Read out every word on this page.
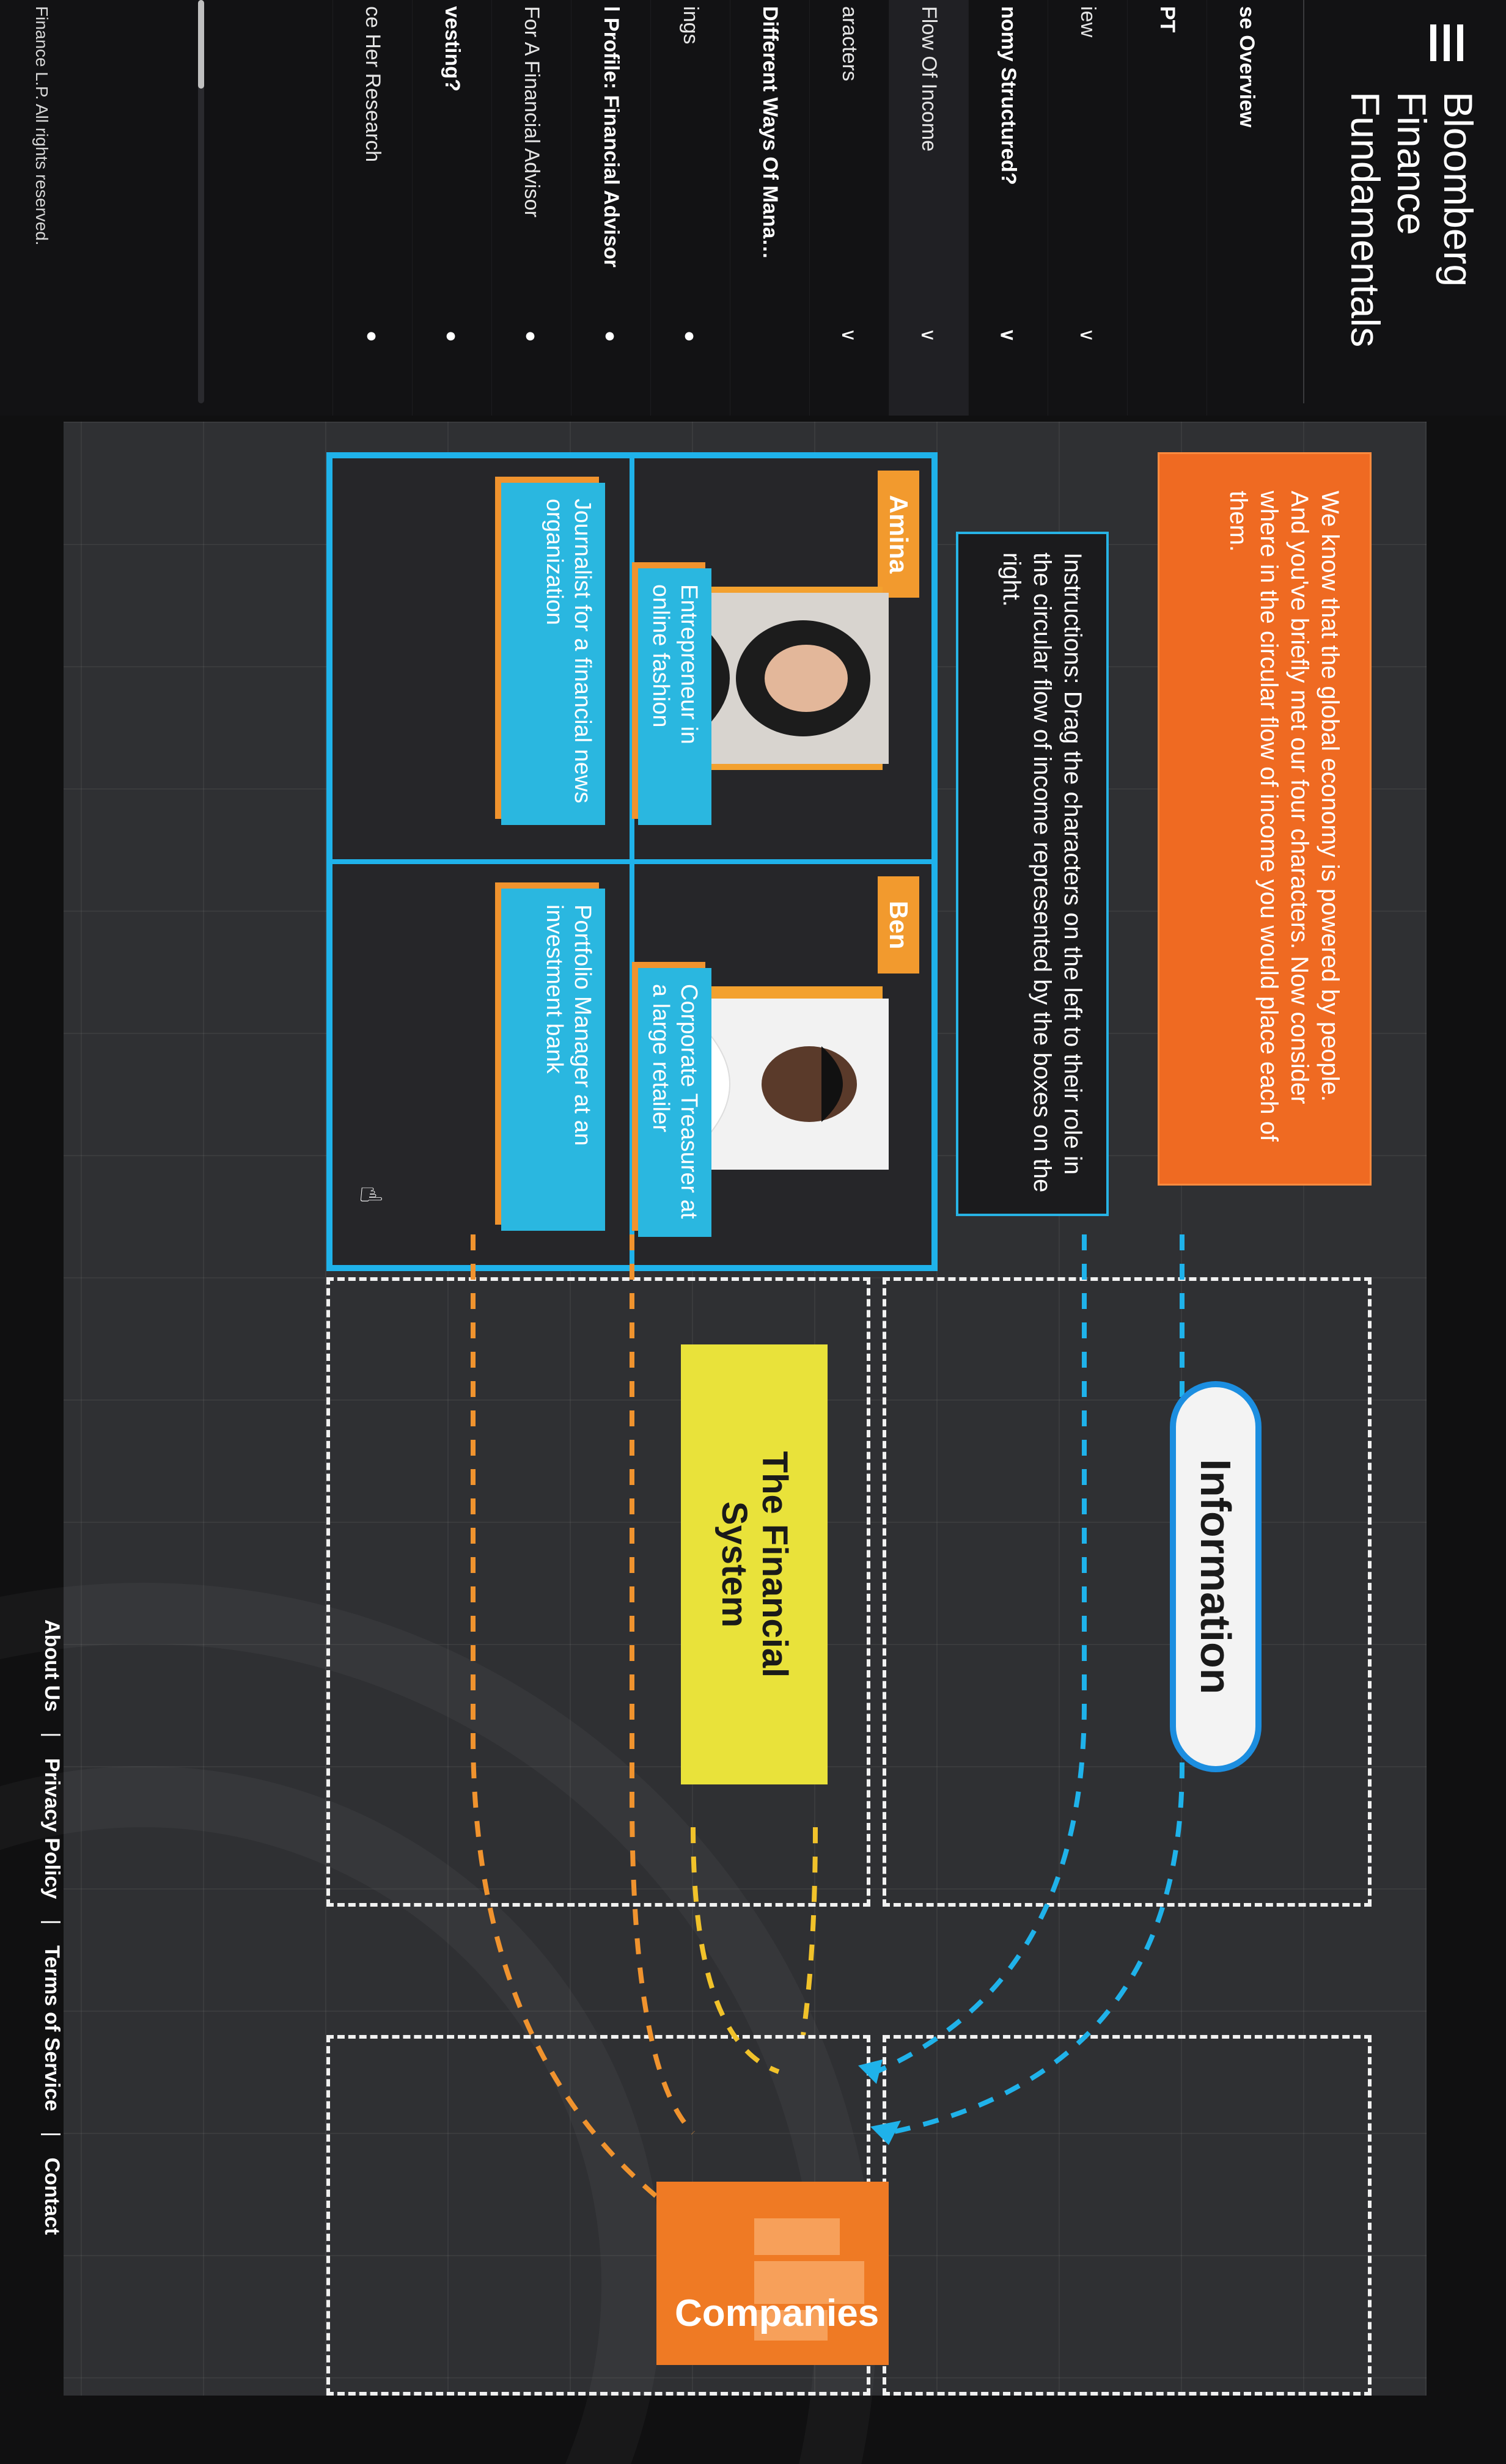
Bloomberg
Finance
Fundamentals
se Overview
PT
iew
∨
nomy Structured?
∨
Flow Of Income
∨
aracters
∨
Different Ways Of Mana…
ings
●
l Profile: Financial Advisor
●
For A Financial Advisor
●
vesting?
●
ce Her Research
●
Finance L.P. All rights reserved.
We know that the global economy is powered by people. And you've briefly met our four characters. Now consider where in the circular flow of income you would place each of them.
Instructions: Drag the characters on the left to their role in the circular flow of income represented by the boxes on the right.
Amina
Entrepreneur in online fashion
Ben
Corporate Treasurer at a large retailer
Journalist for a financial news organization
Portfolio Manager at an investment bank
Information
The Financial
System
Companies
☝
About Us | Privacy Policy | Terms of Service | Contact
